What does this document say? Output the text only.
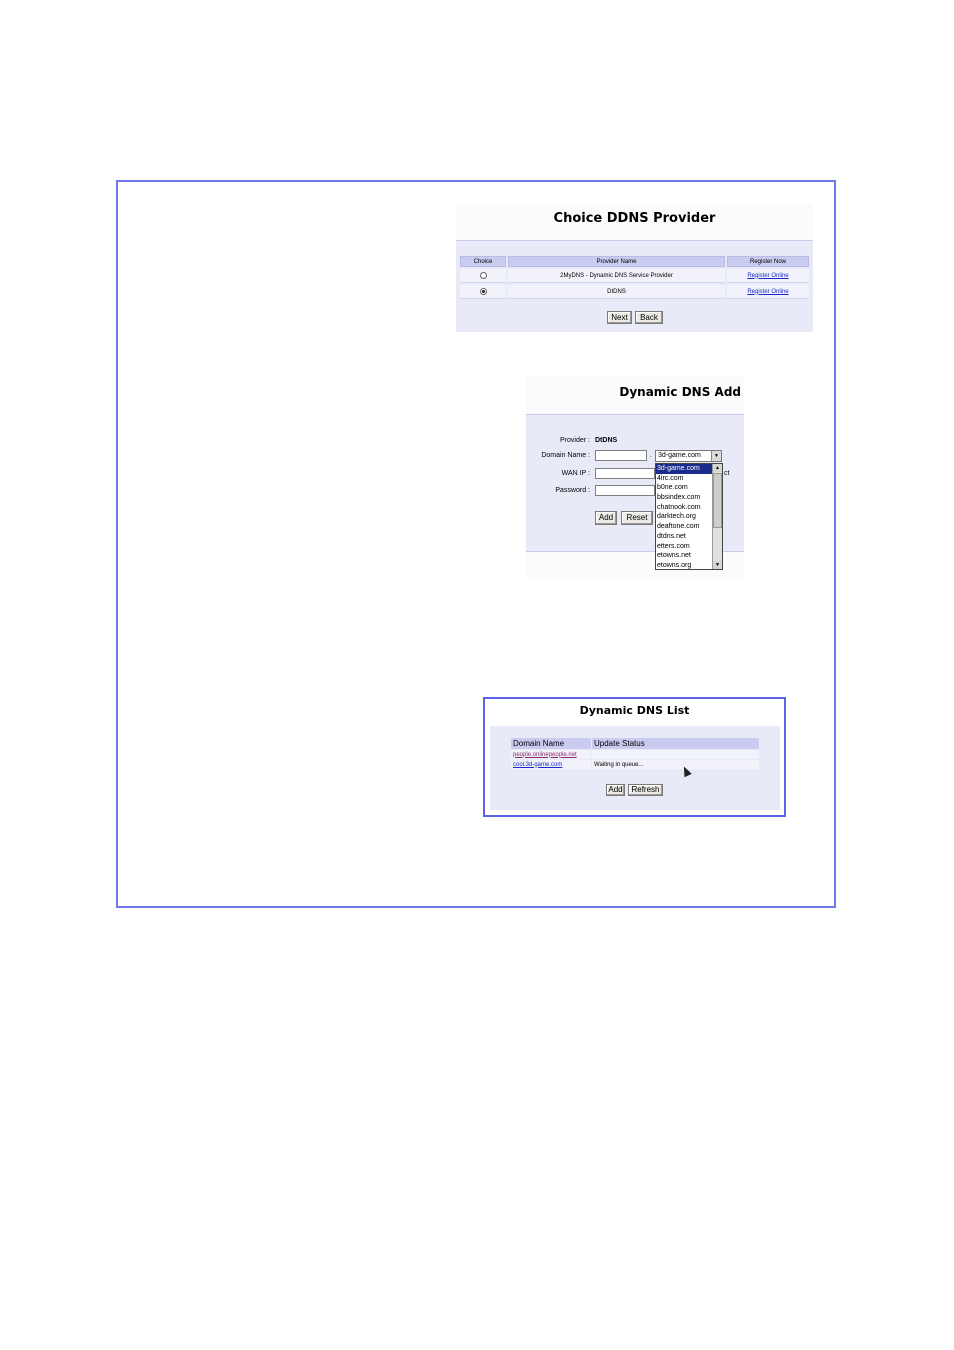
Choice DDNS Provider
Choice	Provider Name	Register Now
	2MyDNS - Dynamic DNS Service Provider	Register Online
	DtDNS	Register Online
Next	Back
Dynamic DNS Add
Provider : DtDNS
Domain Name :	. 3d-game.com	▼
WAN IP :	ct
Password :
Add	Reset
3d-game.com
4irc.com
b0ne.com
bbsindex.com
chatnook.com
darktech.org
deaftone.com
dtdns.net
etters.com
etowns.net
etowns.org
▲
▼
Dynamic DNS List
Domain Name	Update Status
people.onlinepeople.net	
cool.3d-game.com	Waiting in queue...
Add	Refresh
